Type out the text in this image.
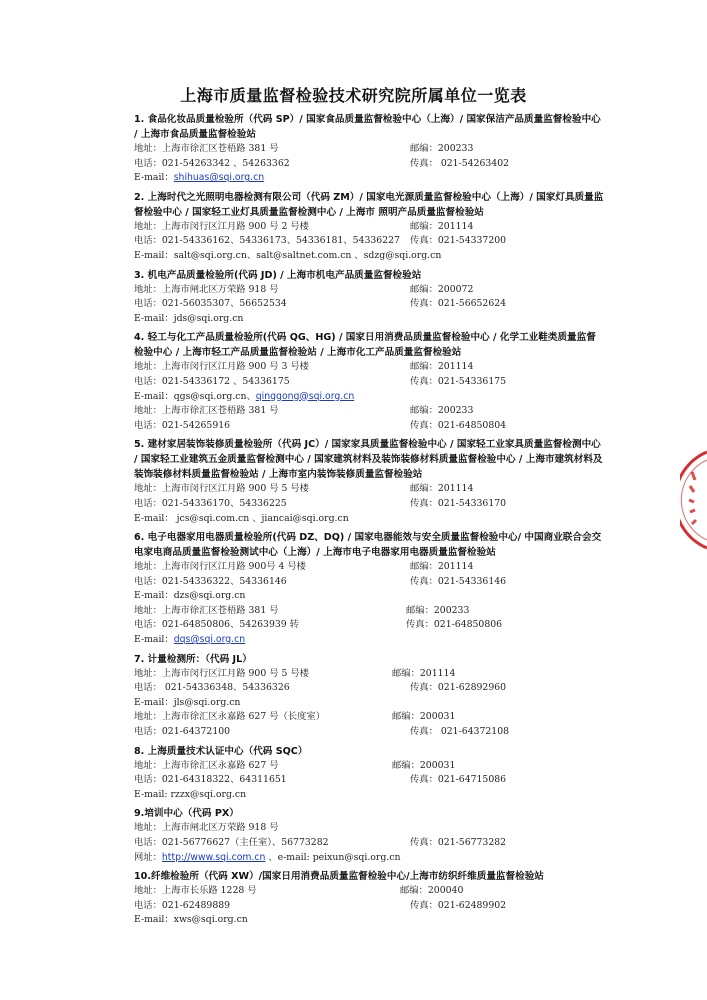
上海市质量监督检验技术研究院所属单位一览表

1. 食品化妆品质量检验所（代码 SP）/ 国家食品质量监督检验中心（上海）/ 国家保洁产品质量监督检验中心 / 上海市食品质量监督检验站

地址：上海市徐汇区苍梧路 381 号	邮编：200233
电话：021-54263342 、54263362	传真： 021-54263402
E-mail：shihuas@sqi.org.cn

2. 上海时代之光照明电器检测有限公司（代码 ZM）/ 国家电光源质量监督检验中心（上海）/ 国家灯具质量监督检验中心 / 国家轻工业灯具质量监督检测中心 / 上海市 照明产品质量监督检验站

地址：上海市闵行区江月路 900 号 2 号楼	邮编：201114
电话：021-54336162、54336173、54336181、54336227 传真：021-54337200
E-mail：salt@sqi.org.cn、salt@saltnet.com.cn 、sdzg@sqi.org.cn

3. 机电产品质量检验所(代码 JD) / 上海市机电产品质量监督检验站

地址：上海市闸北区万荣路 918 号	邮编：200072
电话：021-56035307、56652534	传真：021-56652624
E-mail：jds@sqi.org.cn

4. 轻工与化工产品质量检验所(代码 QG、HG) / 国家日用消费品质量监督检验中心 / 化学工业鞋类质量监督检验中心 / 上海市轻工产品质量监督检验站 / 上海市化工产品质量监督检验站

地址：上海市闵行区江月路 900 号 3 号楼	邮编：201114
电话：021-54336172 、54336175	传真：021-54336175
E-mail：qgs@sqi.org.cn、qinggong@sqi.org.cn
地址：上海市徐汇区苍梧路 381 号	邮编：200233
电话：021-54265916	传真：021-64850804

5. 建材家居装饰装修质量检验所（代码 JC）/ 国家家具质量监督检验中心 / 国家轻工业家具质量监督检测中心 / 国家轻工业建筑五金质量监督检测中心 / 国家建筑材料及装饰装修材料质量监督检验中心 / 上海市建筑材料及装饰装修材料质量监督检验站 / 上海市室内装饰装修质量监督检验站

地址：上海市闵行区江月路 900 号 5 号楼	邮编：201114
电话：021-54336170、54336225	传真：021-54336170
E-mail： jcs@sqi.com.cn 、jiancai@sqi.org.cn

6. 电子电器家用电器质量检验所(代码 DZ、DQ) / 国家电器能效与安全质量监督检验中心/ 中国商业联合会交电家电商品质量监督检验测试中心（上海）/ 上海市电子电器家用电器质量监督检验站

地址：上海市闵行区江月路 900号 4 号楼	邮编：201114
电话：021-54336322、54336146	传真：021-54336146
E-mail：dzs@sqi.org.cn
地址：上海市徐汇区苍梧路 381 号	邮编：200233
电话：021-64850806、54263939 转	传真：021-64850806
E-mail：dqs@sqi.org.cn

7. 计量检测所：（代码 JL）

地址：上海市闵行区江月路 900 号 5 号楼	邮编：201114
电话： 021-54336348、54336326	传真：021-62892960
E-mail：jls@sqi.org.cn
地址：上海市徐汇区永嘉路 627 号（长度室）	邮编：200031
电话：021-64372100	传真： 021-64372108

8. 上海质量技术认证中心（代码 SQC）

地址：上海市徐汇区永嘉路 627 号	邮编：200031
电话：021-64318322、64311651	传真：021-64715086
E-mail: rzzx@sqi.org.cn

9.培训中心（代码 PX）

地址：上海市闸北区万荣路 918 号
电话：021-56776627（主任室）、56773282	传真：021-56773282
网址：http://www.sqi.com.cn 、e-mail: peixun@sqi.org.cn

10.纤维检验所（代码 XW）/国家日用消费品质量监督检验中心/上海市纺织纤维质量监督检验站

地址：上海市长乐路 1228 号	邮编：200040
电话：021-62489889	传真：021-62489902
E-mail：xws@sqi.org.cn
